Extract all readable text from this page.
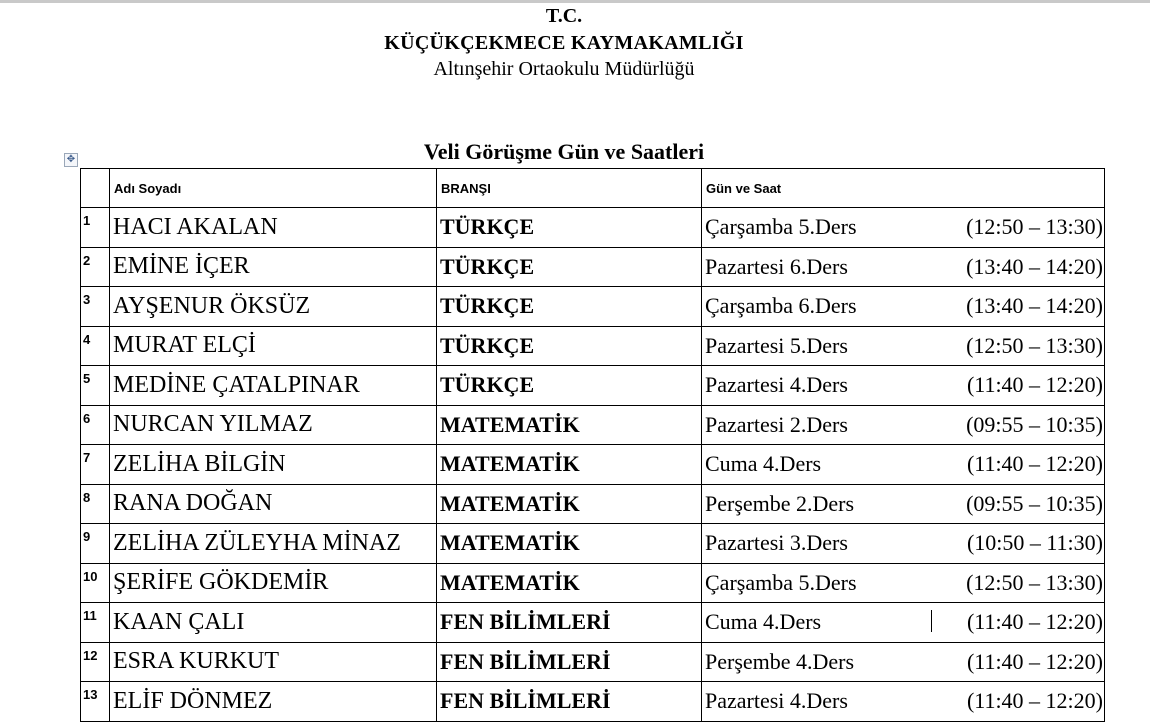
T.C.
KÜÇÜKÇEKMECE KAYMAKAMLIĞI
Altınşehir Ortaokulu Müdürlüğü
Veli Görüşme Gün ve Saatleri
✥
	Adı Soyadı	BRANŞI	Gün ve Saat
1	HACI AKALAN	TÜRKÇE	Çarşamba 5.Ders (12:50 – 13:30)

2	EMİNE İÇER	TÜRKÇE	Pazartesi 6.Ders (13:40 – 14:20)

3	AYŞENUR ÖKSÜZ	TÜRKÇE	Çarşamba 6.Ders (13:40 – 14:20)

4	MURAT ELÇİ	TÜRKÇE	Pazartesi 5.Ders (12:50 – 13:30)

5	MEDİNE ÇATALPINAR	TÜRKÇE	Pazartesi 4.Ders (11:40 – 12:20)

6	NURCAN YILMAZ	MATEMATİK	Pazartesi 2.Ders (09:55 – 10:35)

7	ZELİHA BİLGİN	MATEMATİK	Cuma 4.Ders (11:40 – 12:20)

8	RANA DOĞAN	MATEMATİK	Perşembe 2.Ders (09:55 – 10:35)

9	ZELİHA ZÜLEYHA MİNAZ	MATEMATİK	Pazartesi 3.Ders (10:50 – 11:30)

10	ŞERİFE GÖKDEMİR	MATEMATİK	Çarşamba 5.Ders (12:50 – 13:30)

11	KAAN ÇALI	FEN BİLİMLERİ	Cuma 4.Ders (11:40 – 12:20)

12	ESRA KURKUT	FEN BİLİMLERİ	Perşembe 4.Ders (11:40 – 12:20)

13	ELİF DÖNMEZ	FEN BİLİMLERİ	Pazartesi 4.Ders (11:40 – 12:20)
